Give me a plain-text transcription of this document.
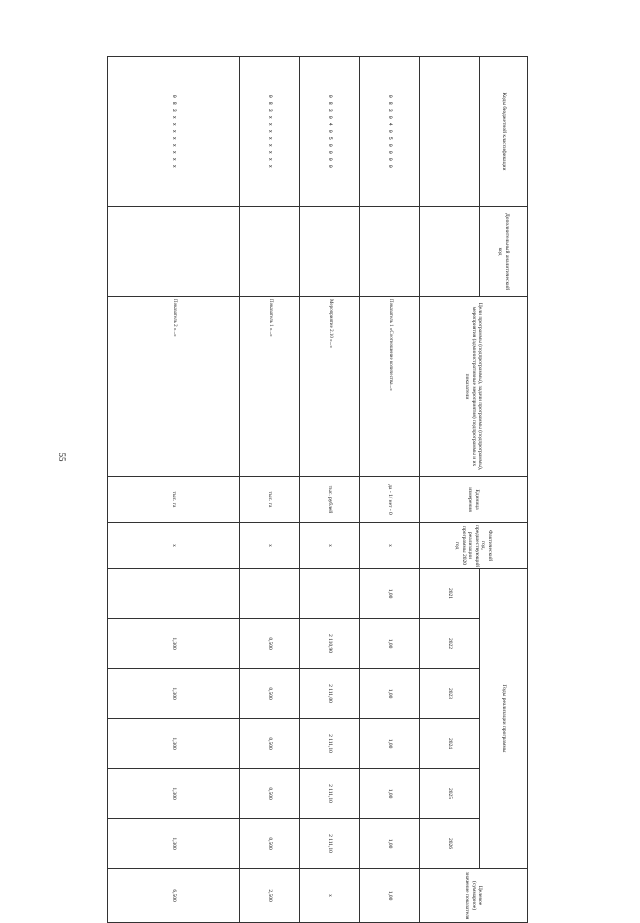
55
Коды бюджетной классификации	Дополнительный аналитический код	Цели программы (подпрограммы), задачи программы (подпрограммы), мероприятия (административные мероприятия) подпрограммы и их показатели	Единица измерения	Фактический год, предшествующий реализации программы 2020 год	Годы реализации программы						Целевое (суммарное) значение показателя
					2021	2022	2023	2024	2025	2026	
0 8 3 0 4 0 5 0 0 0 0		Показатель 1 «Соотношение количества...»	да - 1/ нет - 0	x	1,00	1,00	1,00	1,00	1,00	1,00	1,00
0 8 3 0 4 0 5 0 0 0 0		Мероприятие 2.10 «...»	тыс. рублей	x		2 110,90	2 111,00	2 111,10	2 111,10	2 111,10	x
0 8 3 x x x x x x x x		Показатель 1 «...»	тыс. га	x		0,500	0,500	0,500	0,500	0,500	2,500
0 8 3 x x x x x x x x		Показатель 2 «...»	тыс. га	x		1,300	1,300	1,300	1,300	1,300	6,500
